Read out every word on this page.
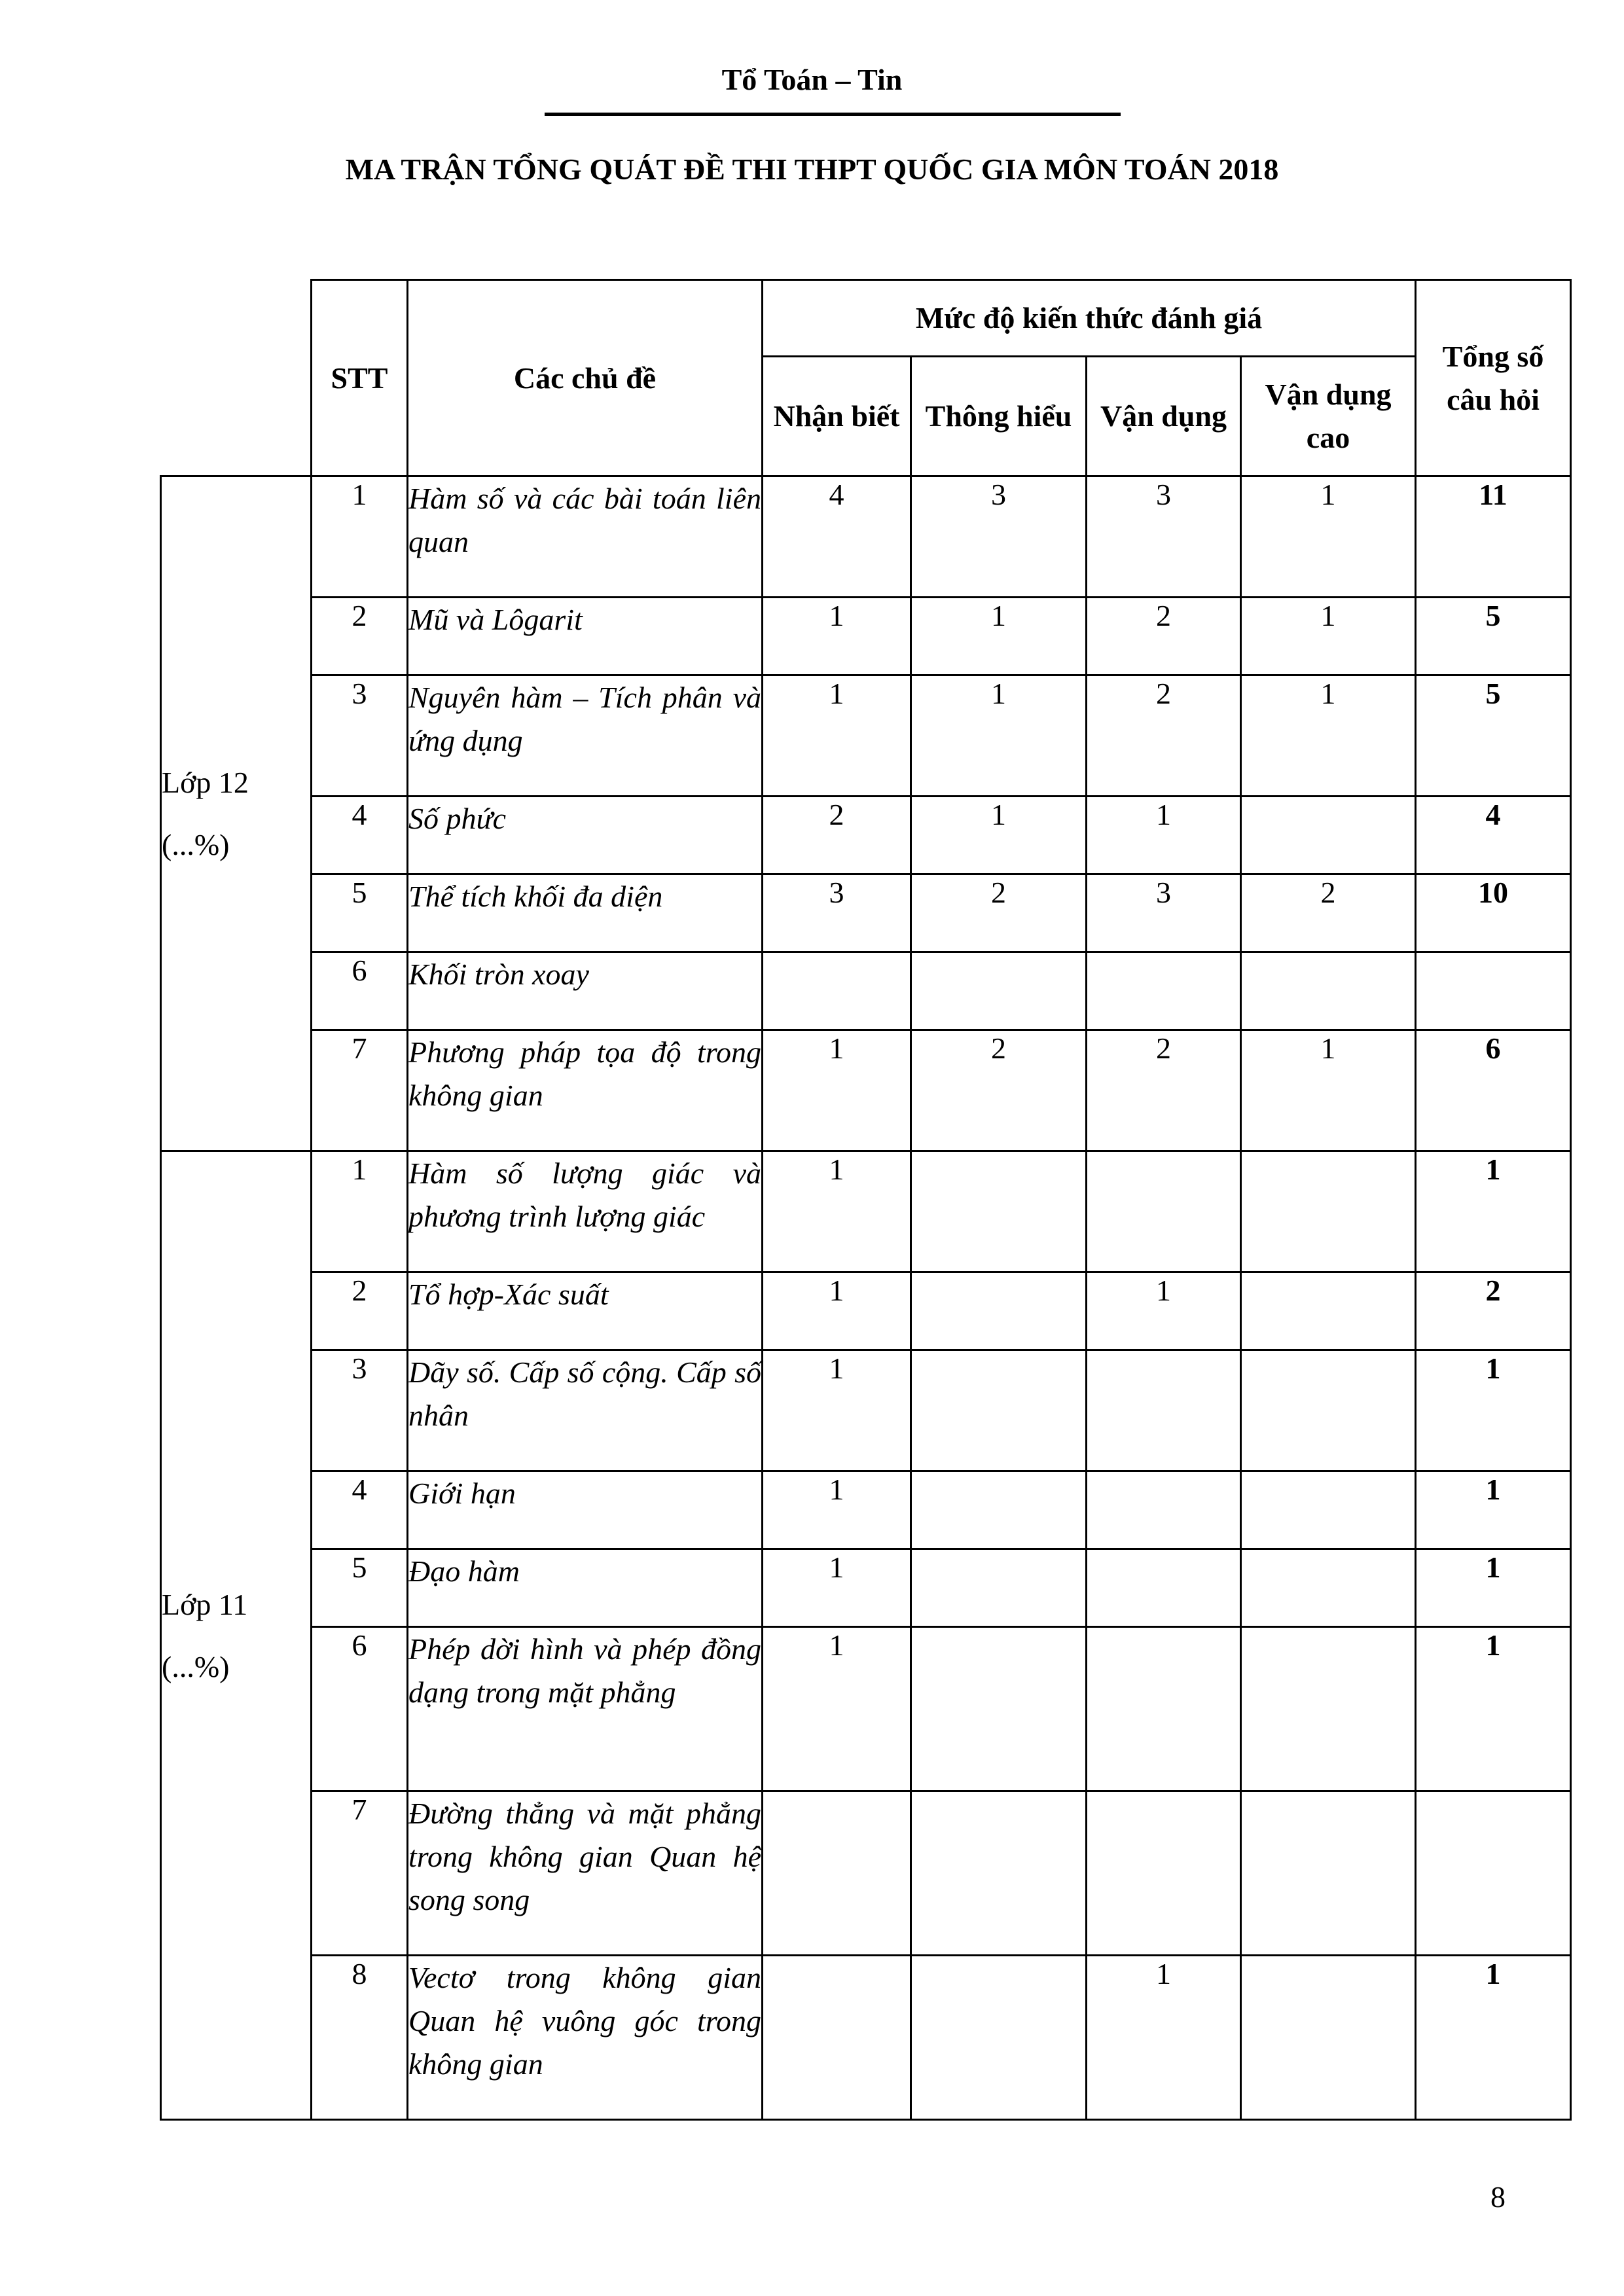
Tổ Toán – Tin
MA TRẬN TỔNG QUÁT ĐỀ THI THPT QUỐC GIA MÔN TOÁN 2018
	STT	Các chủ đề	Mức độ kiến thức đánh giá				Tổng số câu hỏi
			Nhận biết	Thông hiểu	Vận dụng	Vận dụng cao	

Lớp 12
(...%)	1	Hàm số và các bài toán liên quan	4	3	3	1	11
	2	Mũ và Lôgarit	1	1	2	1	5
	3	Nguyên hàm – Tích phân và ứng dụng	1	1	2	1	5
	4	Số phức	2	1	1		4
	5	Thể tích khối đa diện	3	2	3	2	10
	6	Khối tròn xoay					
	7	Phương pháp tọa độ trong không gian	1	2	2	1	6

Lớp 11
(...%)	1	Hàm số lượng giác và phương trình lượng giác	1				1
	2	Tổ hợp-Xác suất	1		1		2
	3	Dãy số. Cấp số cộng. Cấp số nhân	1				1
	4	Giới hạn	1				1
	5	Đạo hàm	1				1
	6	Phép dời hình và phép đồng dạng trong mặt phẳng	1				1
	7	Đường thẳng và mặt phẳng trong không gian Quan hệ song song					
	8	Vectơ trong không gian Quan hệ vuông góc trong không gian			1		1
8
